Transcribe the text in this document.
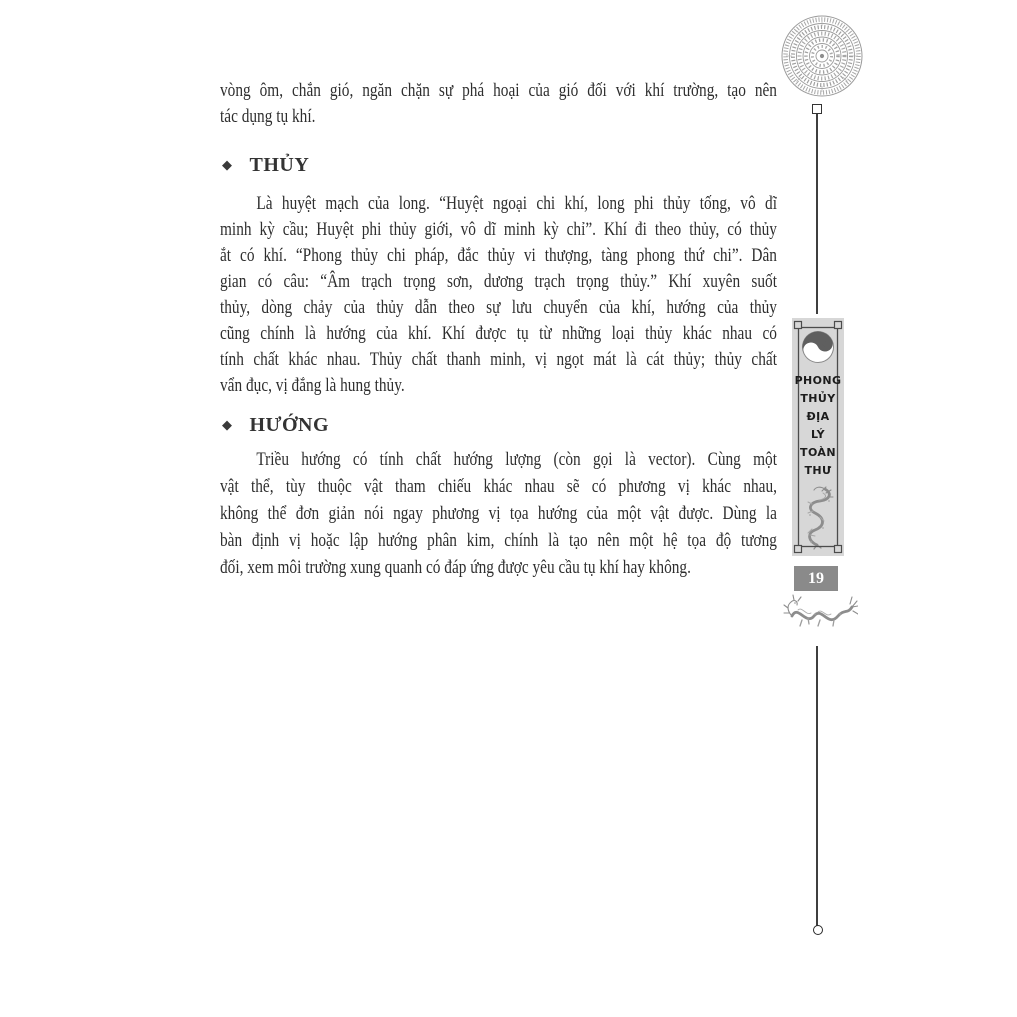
vòng ôm, chắn gió, ngăn chặn sự phá hoại của gió đối với khí trường, tạo nên
tác dụng tụ khí.
◆ THỦY
Là huyệt mạch của long. “Huyệt ngoại chi khí, long phi thủy tống, vô dĩ
minh kỳ cầu; Huyệt phi thủy giới, vô dĩ minh kỳ chỉ”. Khí đi theo thủy, có thủy
ắt có khí. “Phong thủy chi pháp, đắc thủy vi thượng, tàng phong thứ chi”. Dân
gian có câu: “Âm trạch trọng sơn, dương trạch trọng thủy.” Khí xuyên suốt
thủy, dòng chảy của thủy dẫn theo sự lưu chuyển của khí, hướng của thủy
cũng chính là hướng của khí. Khí được tụ từ những loại thủy khác nhau có
tính chất khác nhau. Thủy chất thanh minh, vị ngọt mát là cát thủy; thủy chất
vẩn đục, vị đắng là hung thủy.
◆ HƯỚNG
Triều hướng có tính chất hướng lượng (còn gọi là vector). Cùng một
vật thể, tùy thuộc vật tham chiếu khác nhau sẽ có phương vị khác nhau,
không thể đơn giản nói ngay phương vị tọa hướng của một vật được. Dùng la
bàn định vị hoặc lập hướng phân kim, chính là tạo nên một hệ tọa độ tương
đối, xem môi trường xung quanh có đáp ứng được yêu cầu tụ khí hay không.
PHONG
THỦY
ĐỊA
LÝ
TOÀN
THƯ
19
